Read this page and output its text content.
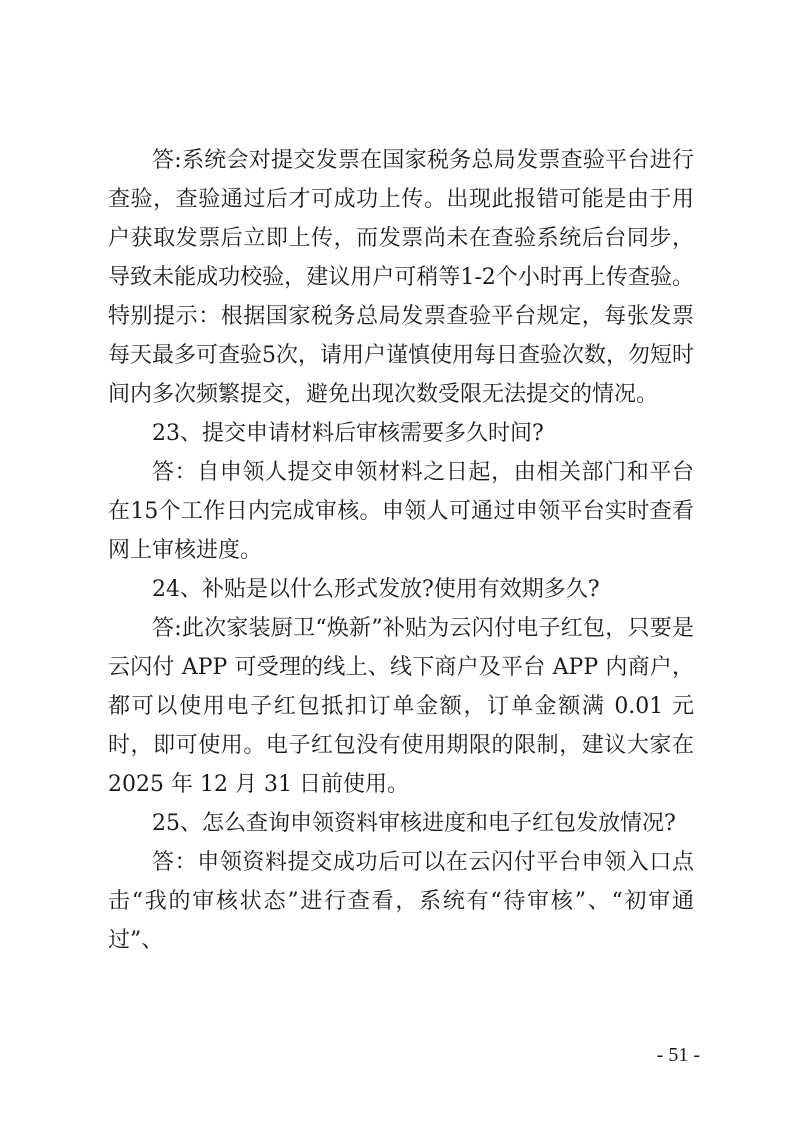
答:系统会对提交发票在国家税务总局发票查验平台进行查验，查验通过后才可成功上传。出现此报错可能是由于用户获取发票后立即上传，而发票尚未在查验系统后台同步，导致未能成功校验，建议用户可稍等1-2个小时再上传查验。特别提示：根据国家税务总局发票查验平台规定，每张发票每天最多可查验5次，请用户谨慎使用每日查验次数，勿短时间内多次频繁提交，避免出现次数受限无法提交的情况。

23、提交申请材料后审核需要多久时间?

答：自申领人提交申领材料之日起，由相关部门和平台在15个工作日内完成审核。申领人可通过申领平台实时查看网上审核进度。

24、补贴是以什么形式发放?使用有效期多久?

答:此次家装厨卫“焕新”补贴为云闪付电子红包，只要是云闪付 APP 可受理的线上、线下商户及平台 APP 内商户，都可以使用电子红包抵扣订单金额，订单金额满 0.01 元时，即可使用。电子红包没有使用期限的限制，建议大家在 2025 年 12 月 31 日前使用。

25、怎么查询申领资料审核进度和电子红包发放情况?

答：申领资料提交成功后可以在云闪付平台申领入口点击“我的审核状态”进行查看，系统有“待审核”、“初审通过”、

- 51 -
